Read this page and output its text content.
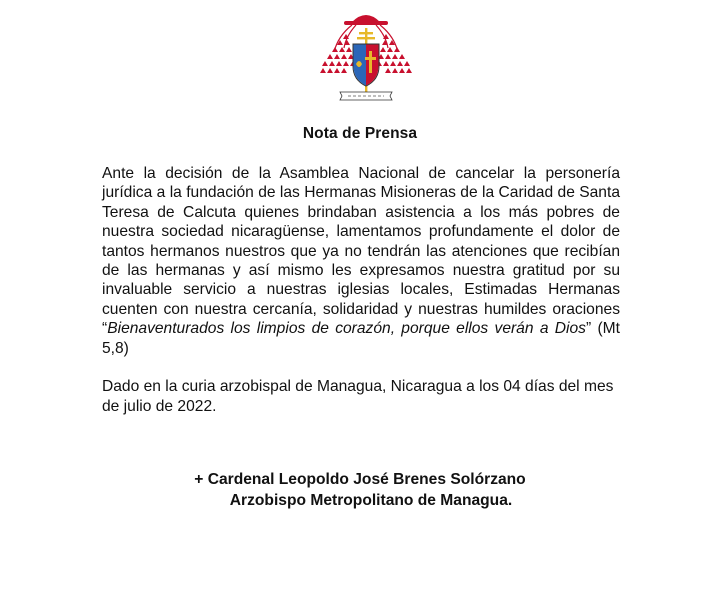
Nota de Prensa
Ante la decisión de la Asamblea Nacional de cancelar la personería jurídica a la fundación de las Hermanas Misioneras de la Caridad de Santa Teresa de Calcuta quienes brindaban asistencia a los más pobres de nuestra sociedad nicaragüense, lamentamos profundamente el dolor de tantos hermanos nuestros que ya no tendrán las atenciones que recibían de las hermanas y así mismo les expresamos nuestra gratitud por su invaluable servicio a nuestras iglesias locales, Estimadas Hermanas cuenten con nuestra cercanía, solidaridad y nuestras humildes oraciones “Bienaventurados los limpios de corazón, porque ellos verán a Dios” (Mt 5,8)
Dado en la curia arzobispal de Managua, Nicaragua a los 04 días del mes de julio de 2022.
+ Cardenal Leopoldo José Brenes Solórzano
Arzobispo Metropolitano de Managua.
